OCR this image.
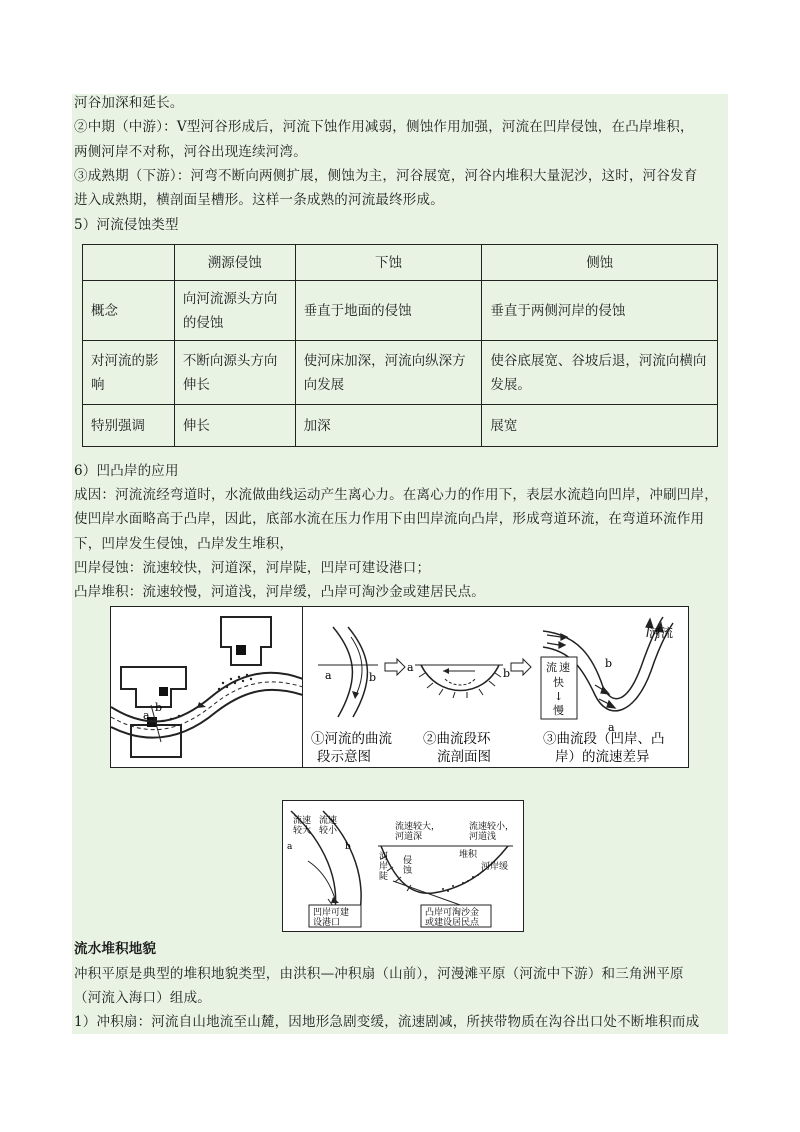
河谷加深和延长。
②中期（中游）：V型河谷形成后，河流下蚀作用减弱，侧蚀作用加强，河流在凹岸侵蚀，在凸岸堆积，
两侧河岸不对称，河谷出现连续河湾。
③成熟期（下游）：河弯不断向两侧扩展，侧蚀为主，河谷展宽，河谷内堆积大量泥沙，这时，河谷发育
进入成熟期，横剖面呈槽形。这样一条成熟的河流最终形成。
5）河流侵蚀类型
	溯源侵蚀	下蚀	侧蚀
概念	向河流源头方向的侵蚀	垂直于地面的侵蚀	垂直于两侧河岸的侵蚀
对河流的影响	不断向源头方向伸长	使河床加深，河流向纵深方向发展	使谷底展宽、谷坡后退，河流向横向发展。
特别强调	伸长	加深	展宽
6）凹凸岸的应用
成因：河流流经弯道时，水流做曲线运动产生离心力。在离心力的作用下，表层水流趋向凹岸，冲刷凹岸，
使凹岸水面略高于凸岸，因此，底部水流在压力作用下由凹岸流向凸岸，形成弯道环流，在弯道环流作用
下，凹岸发生侵蚀，凸岸发生堆积，
凹岸侵蚀：流速较快，河道深，河岸陡，凹岸可建设港口；
凸岸堆积：流速较慢，河道浅，河岸缓，凸岸可淘沙金或建居民点。
a
b
a	b
a	b
河流
b
a
流 速
快
↓
慢
①河流的曲流
段示意图
②曲流段环
流剖面图
③曲流段（凹岸、凸
岸）的流速差异
流速
较大
流速
较小
a	b
流速较大，
河道深
流速较小，
河道浅
河
岸
陡
河岸缓
侵
蚀
堆积
凹岸可建
设港口
凸岸可淘沙金
或建设居民点
流水堆积地貌
冲积平原是典型的堆积地貌类型，由洪积—冲积扇（山前），河漫滩平原（河流中下游）和三角洲平原
（河流入海口）组成。
1）冲积扇：河流自山地流至山麓，因地形急剧变缓，流速剧减，所挟带物质在沟谷出口处不断堆积而成
